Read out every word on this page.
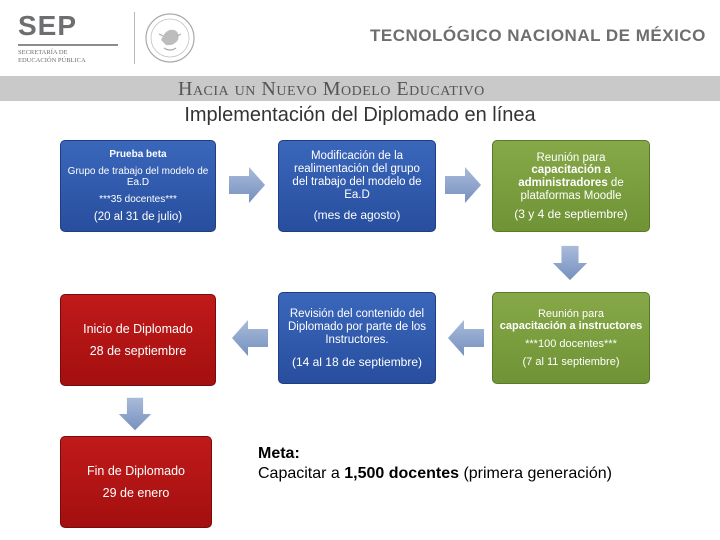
SEP
SECRETARÍA DE
EDUCACIÓN PÚBLICA
TECNOLÓGICO NACIONAL DE MÉXICO
Hacia un Nuevo Modelo Educativo
Implementación del Diplomado en línea
Prueba beta
Grupo de trabajo del modelo de Ea.D
***35 docentes***
(20 al 31 de julio)
Modificación de la realimentación del grupo del trabajo del modelo de Ea.D
(mes de agosto)
Reunión para
capacitación a administradores de plataformas Moodle
(3 y 4 de septiembre)
Inicio de Diplomado
28 de septiembre
Revisión del contenido del Diplomado por parte de los Instructores.
(14 al 18 de septiembre)
Reunión para
capacitación a instructores
***100 docentes***
(7 al 11 septiembre)
Fin de Diplomado
29 de enero
Meta:
Capacitar a 1,500 docentes (primera generación)
